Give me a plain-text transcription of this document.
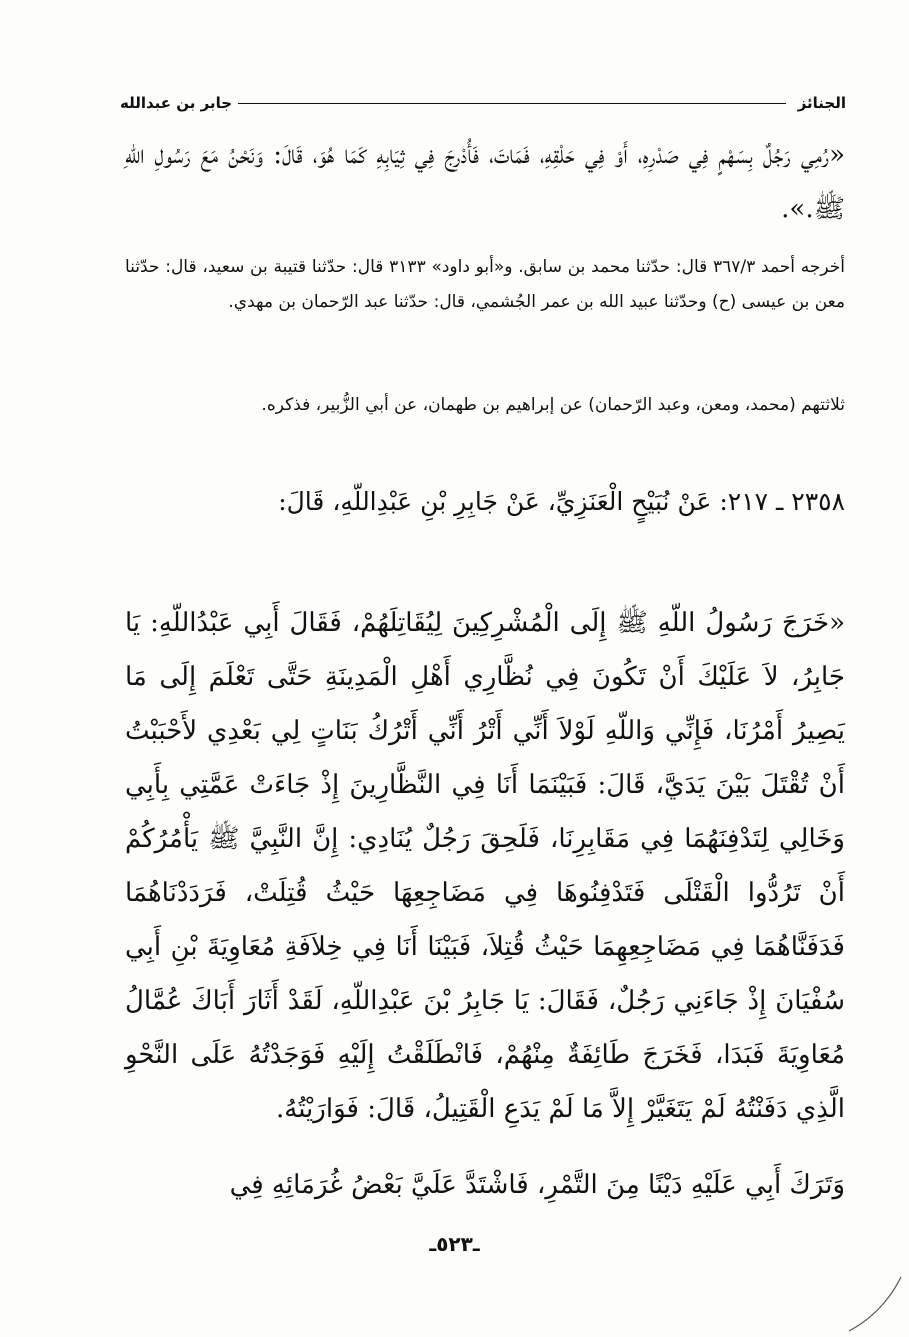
الجنائز
جابر بن عبدالله
«رُمِي رَجُلٌ بِسَهْمٍ فِي صَدْرِهِ، أَوْ فِي حَلْقِهِ، فَمَاتَ، فَأُدْرِجَ فِي ثِيَابِهِ كَمَا هُوَ، قَالَ: وَنَحْنُ مَعَ رَسُولِ اللهِ ﷺ.».

أخرجه أحمد ٣٦٧/٣ قال: حدّثنا محمد بن سابق. و«أبو داود» ٣١٣٣ قال: حدّثنا قتيبة بن سعيد، قال: حدّثنا معن بن عيسى (ح) وحدّثنا عبيد الله بن عمر الجُشمي، قال: حدّثنا عبد الرّحمان بن مهدي.

ثلاثتهم (محمد، ومعن، وعبد الرّحمان) عن إبراهيم بن طهمان، عن أبي الزُّبير، فذكره.

٢٣٥٨ ـ ٢١٧: عَنْ نُبَيْحٍ الْعَنَزِيِّ، عَنْ جَابِرِ بْنِ عَبْدِاللّهِ، قَالَ:
«خَرَجَ رَسُولُ اللّهِ ﷺ إِلَى الْمُشْرِكِينَ لِيُقَاتِلَهُمْ، فَقَالَ أَبِي عَبْدُاللّهِ: يَا جَابِرُ، لاَ عَلَيْكَ أَنْ تَكُونَ فِي نُظَّارِي أَهْلِ الْمَدِينَةِ حَتَّى تَعْلَمَ إِلَى مَا يَصِيرُ أَمْرُنَا، فَإِنِّي وَاللّهِ لَوْلاَ أَنِّي أَتْرُ أَنِّي أَتْرُكُ بَنَاتٍ لِي بَعْدِي لأَحْبَبْتُ أَنْ تُقْتَلَ بَيْنَ يَدَيَّ، قَالَ: فَبَيْنَمَا أَنَا فِي النَّظَّارِينَ إِذْ جَاءَتْ عَمَّتِي بِأَبِي وَخَالِي لِتَدْفِنَهُمَا فِي مَقَابِرِنَا، فَلَحِقَ رَجُلٌ يُنَادِي: إِنَّ النَّبِيَّ ﷺ يَأْمُرُكُمْ أَنْ تَرُدُّوا الْقَتْلَى فَتَدْفِنُوهَا فِي مَضَاجِعِهَا حَيْثُ قُتِلَتْ، فَرَدَدْنَاهُمَا فَدَفَنَّاهُمَا فِي مَضَاجِعِهِمَا حَيْثُ قُتِلاَ، فَبَيْنَا أَنَا فِي خِلاَفَةِ مُعَاوِيَةَ بْنِ أَبِي سُفْيَانَ إِذْ جَاءَنِي رَجُلٌ، فَقَالَ: يَا جَابِرُ بْنَ عَبْدِاللّهِ، لَقَدْ أَثَارَ أَبَاكَ عُمَّالُ مُعَاوِيَةَ فَبَدَا، فَخَرَجَ طَائِفَةٌ مِنْهُمْ، فَانْطَلَقْتُ إِلَيْهِ فَوَجَدْتُهُ عَلَى النَّحْوِ الَّذِي دَفَنْتُهُ لَمْ يَتَغَيَّرْ إِلاَّ مَا لَمْ يَدَعِ الْقَتِيلُ، قَالَ: فَوَارَيْتُهُ.
وَتَرَكَ أَبِي عَلَيْهِ دَيْنًا مِنَ التَّمْرِ، فَاشْتَدَّ عَلَيَّ بَعْضُ غُرَمَائِهِ فِي
ـ٥٢٣ـ
